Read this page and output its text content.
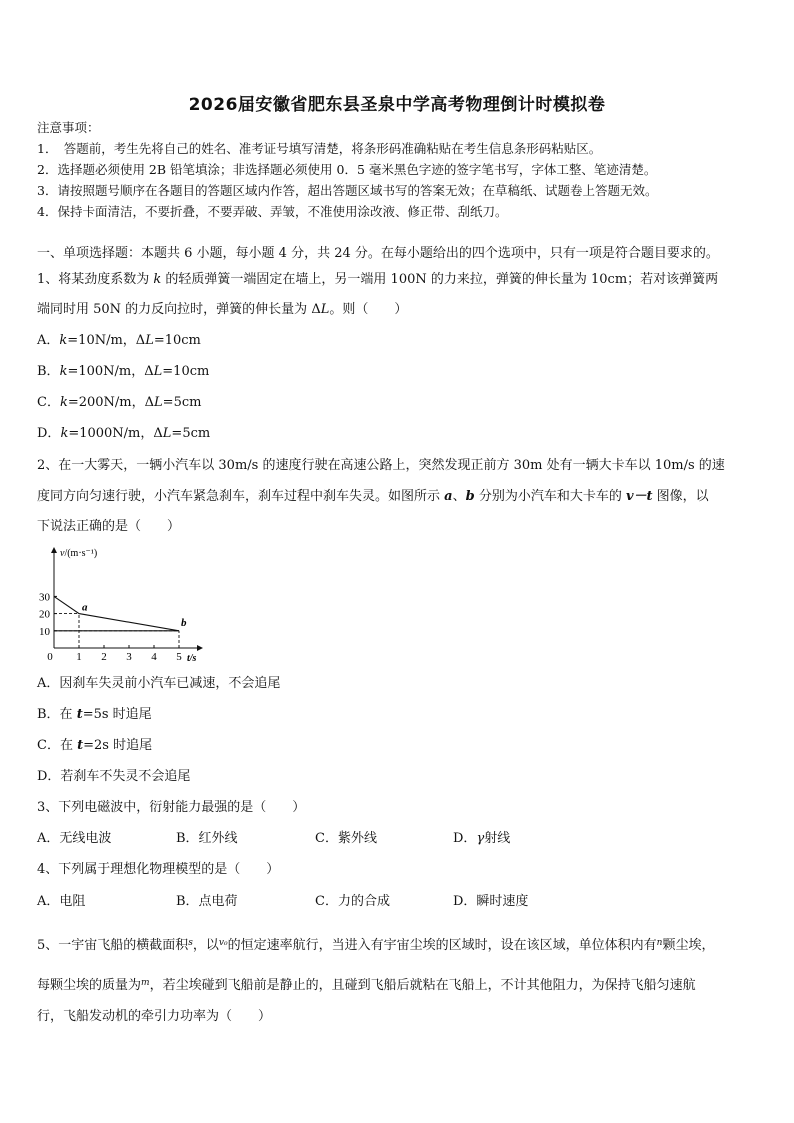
2026届安徽省肥东县圣泉中学高考物理倒计时模拟卷
注意事项：
1．　答题前，考生先将自己的姓名、准考证号填写清楚，将条形码准确粘贴在考生信息条形码粘贴区。
2．选择题必须使用 2B 铅笔填涂；非选择题必须使用 0．5 毫米黑色字迹的签字笔书写，字体工整、笔迹清楚。
3．请按照题号顺序在各题目的答题区域内作答，超出答题区域书写的答案无效；在草稿纸、试题卷上答题无效。
4．保持卡面清洁，不要折叠，不要弄破、弄皱，不准使用涂改液、修正带、刮纸刀。
一、单项选择题：本题共 6 小题，每小题 4 分，共 24 分。在每小题给出的四个选项中，只有一项是符合题目要求的。
1、将某劲度系数为 k 的轻质弹簧一端固定在墙上，另一端用 100N 的力来拉，弹簧的伸长量为 10cm；若对该弹簧两
端同时用 50N 的力反向拉时，弹簧的伸长量为 ΔL。则（　　）
A．k=10N/m，ΔL=10cm
B．k=100N/m，ΔL=10cm
C．k=200N/m，ΔL=5cm
D．k=1000N/m，ΔL=5cm
2、在一大雾天，一辆小汽车以 30m/s 的速度行驶在高速公路上，突然发现正前方 30m 处有一辆大卡车以 10m/s 的速
度同方向匀速行驶，小汽车紧急刹车，刹车过程中刹车失灵。如图所示 a、b 分别为小汽车和大卡车的 v－t 图像，以
下说法正确的是（　　）
v/(m·s⁻¹)
t/s
0 1 2 3 4 5
10
20
30
a
b
A．因刹车失灵前小汽车已减速，不会追尾
B．在 t=5s 时追尾
C．在 t=2s 时追尾
D．若刹车不失灵不会追尾
3、下列电磁波中，衍射能力最强的是（　　）
A．无线电波	B．红外线	C．紫外线	D．γ射线
4、下列属于理想化物理模型的是（　　）
A．电阻	B．点电荷	C．力的合成	D．瞬时速度
5、一宇宙飞船的横截面积$^s$，以$^{v_0}$的恒定速率航行，当进入有宇宙尘埃的区域时，设在该区域，单位体积内有$^n$颗尘埃，
每颗尘埃的质量为$^m$，若尘埃碰到飞船前是静止的，且碰到飞船后就粘在飞船上，不计其他阻力，为保持飞船匀速航
行，飞船发动机的牵引力功率为（　　）
